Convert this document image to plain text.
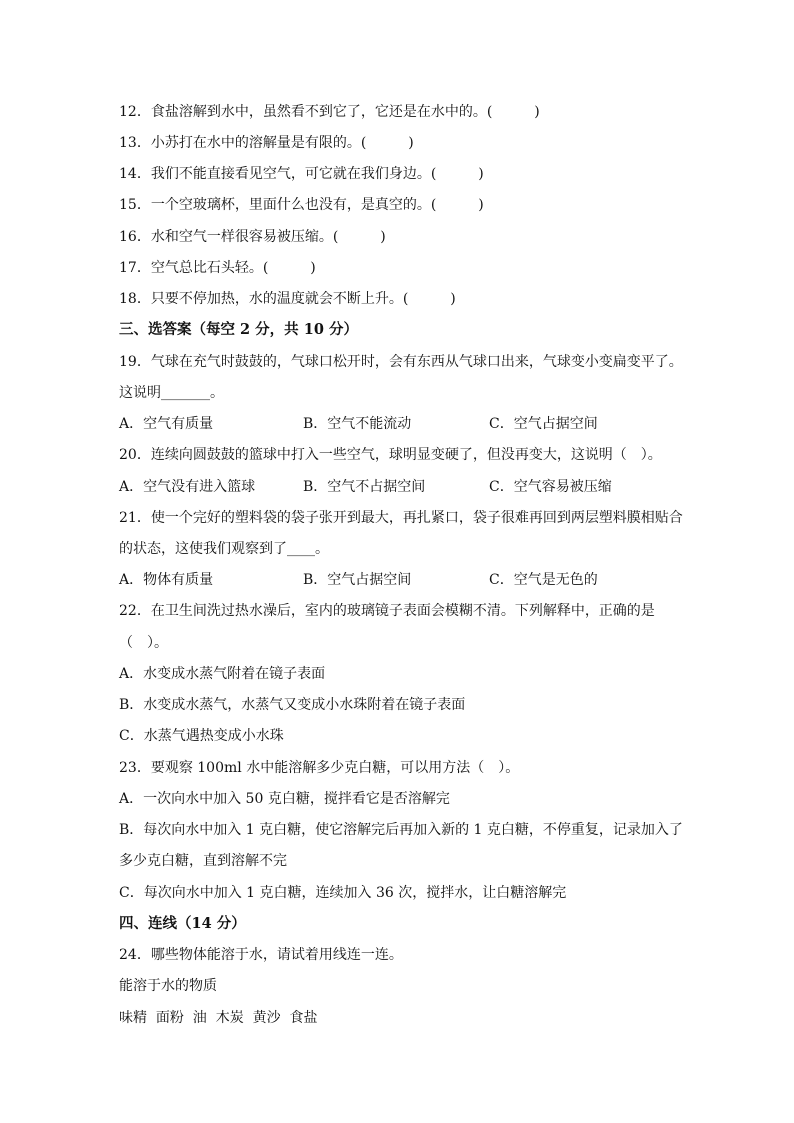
12．食盐溶解到水中，虽然看不到它了，它还是在水中的。(　　　)
13．小苏打在水中的溶解量是有限的。(　　　)
14．我们不能直接看见空气，可它就在我们身边。(　　　)
15．一个空玻璃杯，里面什么也没有，是真空的。(　　　)
16．水和空气一样很容易被压缩。(　　　)
17．空气总比石头轻。(　　　)
18．只要不停加热，水的温度就会不断上升。(　　　)
三、选答案（每空 2 分，共 10 分）
19．气球在充气时鼓鼓的，气球口松开时，会有东西从气球口出来，气球变小变扁变平了。
这说明_______。
A．空气有质量	B．空气不能流动	C．空气占据空间
20．连续向圆鼓鼓的篮球中打入一些空气，球明显变硬了，但没再变大，这说明（　）。
A．空气没有进入篮球	B．空气不占据空间	C．空气容易被压缩
21．使一个完好的塑料袋的袋子张开到最大，再扎紧口，袋子很难再回到两层塑料膜相贴合
的状态，这使我们观察到了____。
A．物体有质量	B．空气占据空间	C．空气是无色的
22．在卫生间洗过热水澡后，室内的玻璃镜子表面会模糊不清。下列解释中，正确的是
（　）。
A．水变成水蒸气附着在镜子表面
B．水变成水蒸气，水蒸气又变成小水珠附着在镜子表面
C．水蒸气遇热变成小水珠
23．要观察 100ml 水中能溶解多少克白糖，可以用方法（　）。
A．一次向水中加入 50 克白糖，搅拌看它是否溶解完
B．每次向水中加入 1 克白糖，使它溶解完后再加入新的 1 克白糖，不停重复，记录加入了
多少克白糖，直到溶解不完
C．每次向水中加入 1 克白糖，连续加入 36 次，搅拌水，让白糖溶解完
四、连线（14 分）
24．哪些物体能溶于水，请试着用线连一连。
能溶于水的物质
味精  面粉  油  木炭  黄沙  食盐
